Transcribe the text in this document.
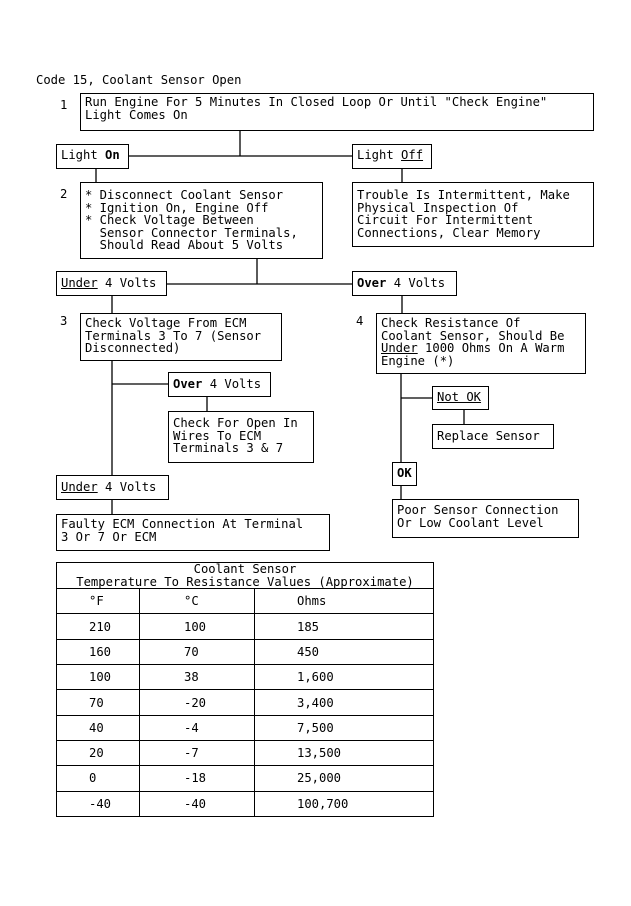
Code 15, Coolant Sensor Open
1	Run Engine For 5 Minutes In Closed Loop Or Until "Check Engine"
Light Comes On
Light On	Light Off
2	* Disconnect Coolant Sensor
* Ignition On, Engine Off
* Check Voltage Between
Sensor Connector Terminals,
Should Read About 5 Volts
Trouble Is Intermittent, Make
Physical Inspection Of
Circuit For Intermittent
Connections, Clear Memory
Under 4 Volts	Over 4 Volts
3	Check Voltage From ECM
Terminals 3 To 7 (Sensor
Disconnected)
4	Check Resistance Of
Coolant Sensor, Should Be
Under 1000 Ohms On A Warm
Engine (*)
Over 4 Volts
Check For Open In
Wires To ECM
Terminals 3 & 7
Not OK
Replace Sensor
OK
Poor Sensor Connection
Or Low Coolant Level
Under 4 Volts
Faulty ECM Connection At Terminal
3 Or 7 Or ECM
Coolant Sensor
Temperature To Resistance Values (Approximate)		
°F	°C	Ohms
210	100	185
160	70	450
100	38	1,600
70	-20	3,400
40	-4	7,500
20	-7	13,500
0	-18	25,000
-40	-40	100,700
